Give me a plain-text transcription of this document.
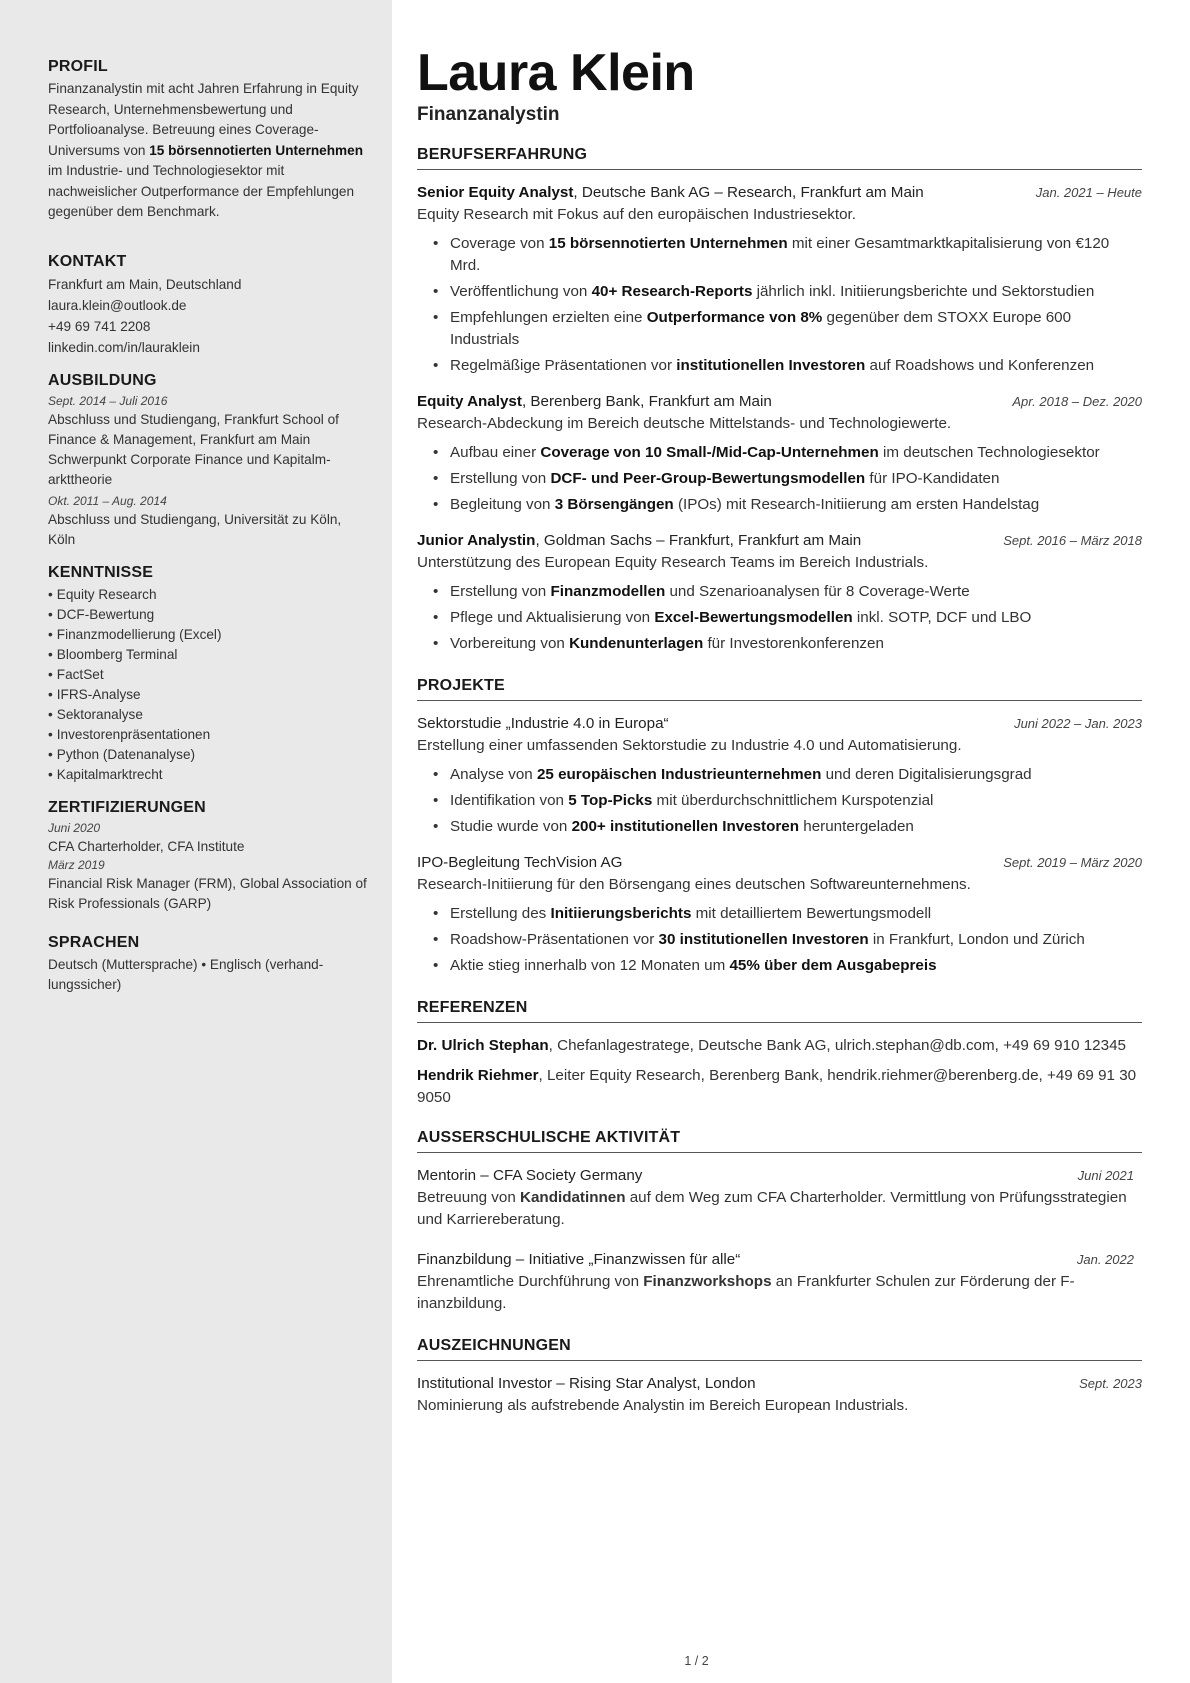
PROFIL
Finanzanalystin mit acht Jahren Erfahrung in Equity Research, Unternehmensbewertung und Portfolioanalyse. Betreuung eines Coverage-Universums von 15 börsennotierten Unternehmen im Industrie- und Technologiesektor mit nachweislicher Outperformance der Empfehlungen gegenüber dem Benchmark.
KONTAKT
Frankfurt am Main, Deutschland
laura.klein@outlook.de
+49 69 741 2208
linkedin.com/in/lauraklein
AUSBILDUNG
Sept. 2014 – Juli 2016
Abschluss und Studiengang, Frankfurt School of Finance & Management, Frankfurt am Main
Schwerpunkt Corporate Finance und Kapitalmarkttheorie
Okt. 2011 – Aug. 2014
Abschluss und Studiengang, Universität zu Köln, Köln
KENNTNISSE
• Equity Research
• DCF-Bewertung
• Finanzmodellierung (Excel)
• Bloomberg Terminal
• FactSet
• IFRS-Analyse
• Sektoranalyse
• Investorenpräsentationen
• Python (Datenanalyse)
• Kapitalmarktrecht
ZERTIFIZIERUNGEN
Juni 2020
CFA Charterholder, CFA Institute
März 2019
Financial Risk Manager (FRM), Global Association of Risk Professionals (GARP)
SPRACHEN
Deutsch (Muttersprache) • Englisch (verhandlungssicher)
Laura Klein
Finanzanalystin
BERUFSERFAHRUNG
Senior Equity Analyst, Deutsche Bank AG – Research, Frankfurt am Main	Jan. 2021 – Heute
Equity Research mit Fokus auf den europäischen Industriesektor.
• Coverage von 15 börsennotierten Unternehmen mit einer Gesamtmarktkapitalisierung von €120 Mrd.
• Veröffentlichung von 40+ Research-Reports jährlich inkl. Initiierungsberichte und Sektorstudien
• Empfehlungen erzielten eine Outperformance von 8% gegenüber dem STOXX Europe 600 Industrials
• Regelmäßige Präsentationen vor institutionellen Investoren auf Roadshows und Konferenzen
Equity Analyst, Berenberg Bank, Frankfurt am Main	Apr. 2018 – Dez. 2020
Research-Abdeckung im Bereich deutsche Mittelstands- und Technologiewerte.
• Aufbau einer Coverage von 10 Small-/Mid-Cap-Unternehmen im deutschen Technologiesektor
• Erstellung von DCF- und Peer-Group-Bewertungsmodellen für IPO-Kandidaten
• Begleitung von 3 Börsengängen (IPOs) mit Research-Initiierung am ersten Handelstag
Junior Analystin, Goldman Sachs – Frankfurt, Frankfurt am Main	Sept. 2016 – März 2018
Unterstützung des European Equity Research Teams im Bereich Industrials.
• Erstellung von Finanzmodellen und Szenarioanalysen für 8 Coverage-Werte
• Pflege und Aktualisierung von Excel-Bewertungsmodellen inkl. SOTP, DCF und LBO
• Vorbereitung von Kundenunterlagen für Investorenkonferenzen
PROJEKTE
Sektorstudie „Industrie 4.0 in Europa“	Juni 2022 – Jan. 2023
Erstellung einer umfassenden Sektorstudie zu Industrie 4.0 und Automatisierung.
• Analyse von 25 europäischen Industrieunternehmen und deren Digitalisierungsgrad
• Identifikation von 5 Top-Picks mit überdurchschnittlichem Kurspotenzial
• Studie wurde von 200+ institutionellen Investoren heruntergeladen
IPO-Begleitung TechVision AG	Sept. 2019 – März 2020
Research-Initiierung für den Börsengang eines deutschen Softwareunternehmens.
• Erstellung des Initiierungsberichts mit detailliertem Bewertungsmodell
• Roadshow-Präsentationen vor 30 institutionellen Investoren in Frankfurt, London und Zürich
• Aktie stieg innerhalb von 12 Monaten um 45% über dem Ausgabepreis
REFERENZEN
Dr. Ulrich Stephan, Chefanlagestratege, Deutsche Bank AG, ulrich.stephan@db.com, +49 69 910 12345
Hendrik Riehmer, Leiter Equity Research, Berenberg Bank, hendrik.riehmer@berenberg.de, +49 69 91 30 9050
AUSSERSCHULISCHE AKTIVITÄT
Mentorin – CFA Society Germany	Juni 2021
Betreuung von Kandidatinnen auf dem Weg zum CFA Charterholder. Vermittlung von Prüfungsstrategien und Karriereberatung.
Finanzbildung – Initiative „Finanzwissen für alle“	Jan. 2022
Ehrenamtliche Durchführung von Finanzworkshops an Frankfurter Schulen zur Förderung der Finanzbildung.
AUSZEICHNUNGEN
Institutional Investor – Rising Star Analyst, London	Sept. 2023
Nominierung als aufstrebende Analystin im Bereich European Industrials.
1 / 2
